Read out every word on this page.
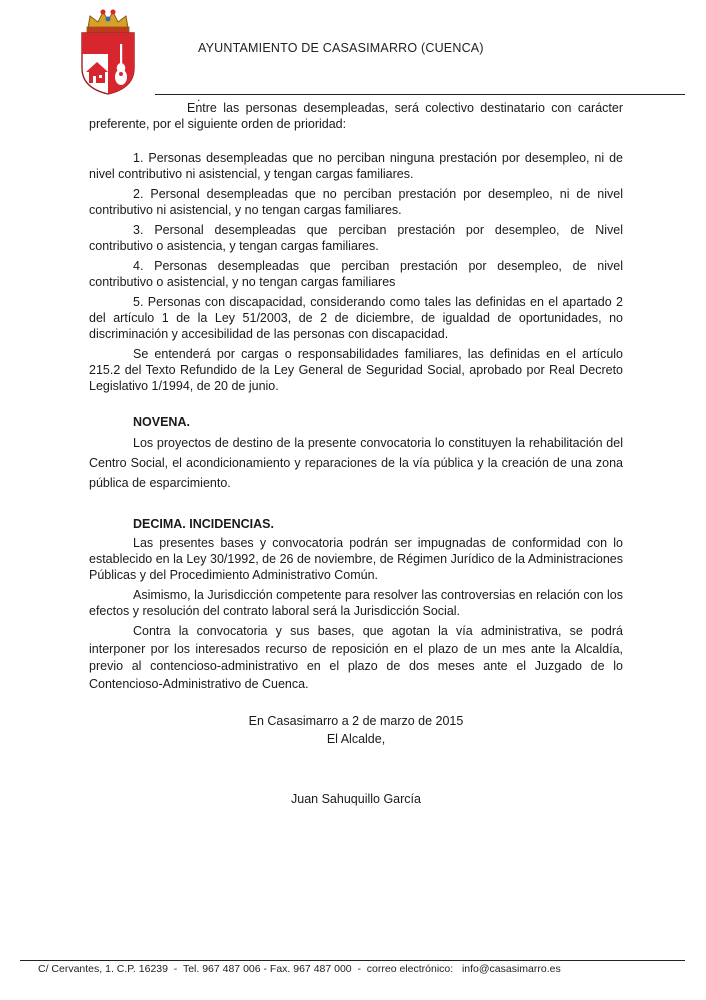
AYUNTAMIENTO DE CASASIMARRO (CUENCA)
.

Entre las personas desempleadas, será colectivo destinatario con carácter preferente, por el siguiente orden de prioridad:

1. Personas desempleadas que no perciban ninguna prestación por desempleo, ni de nivel contributivo ni asistencial, y tengan cargas familiares.

2. Personal desempleadas que no perciban prestación por desempleo, ni de nivel contributivo ni asistencial, y no tengan cargas familiares.

3. Personal desempleadas que perciban prestación por desempleo, de Nivel contributivo o asistencia, y tengan cargas familiares.

4. Personas desempleadas que perciban prestación por desempleo, de nivel contributivo o asistencial, y no tengan cargas familiares

5. Personas con discapacidad, considerando como tales las definidas en el apartado 2 del artículo 1 de la Ley 51/2003, de 2 de diciembre, de igualdad de oportunidades, no discriminación y accesibilidad de las personas con discapacidad.

Se entenderá por cargas o responsabilidades familiares, las definidas en el artículo 215.2 del Texto Refundido de la Ley General de Seguridad Social, aprobado por Real Decreto Legislativo 1/1994, de 20 de junio.

NOVENA.

Los proyectos de destino de la presente convocatoria lo constituyen la rehabilitación del Centro Social, el acondicionamiento y reparaciones de la vía pública y la creación de una zona pública de esparcimiento.

DECIMA. INCIDENCIAS.

Las presentes bases y convocatoria podrán ser impugnadas de conformidad con lo establecido en la Ley 30/1992, de 26 de noviembre, de Régimen Jurídico de la Administraciones Públicas y del Procedimiento Administrativo Común.

Asimismo, la Jurisdicción competente para resolver las controversias en relación con los efectos y resolución del contrato laboral será la Jurisdicción Social.

Contra la convocatoria y sus bases, que agotan la vía administrativa, se podrá interponer por los interesados recurso de reposición en el plazo de un mes ante la Alcaldía, previo al contencioso-administrativo en el plazo de dos meses ante el Juzgado de lo Contencioso-Administrativo de Cuenca.

En Casasimarro a 2 de marzo de 2015

El Alcalde,

Juan Sahuquillo García

C/ Cervantes, 1. C.P. 16239  -  Tel. 967 487 006 - Fax. 967 487 000  -  correo electrónico:   info@casasimarro.es
